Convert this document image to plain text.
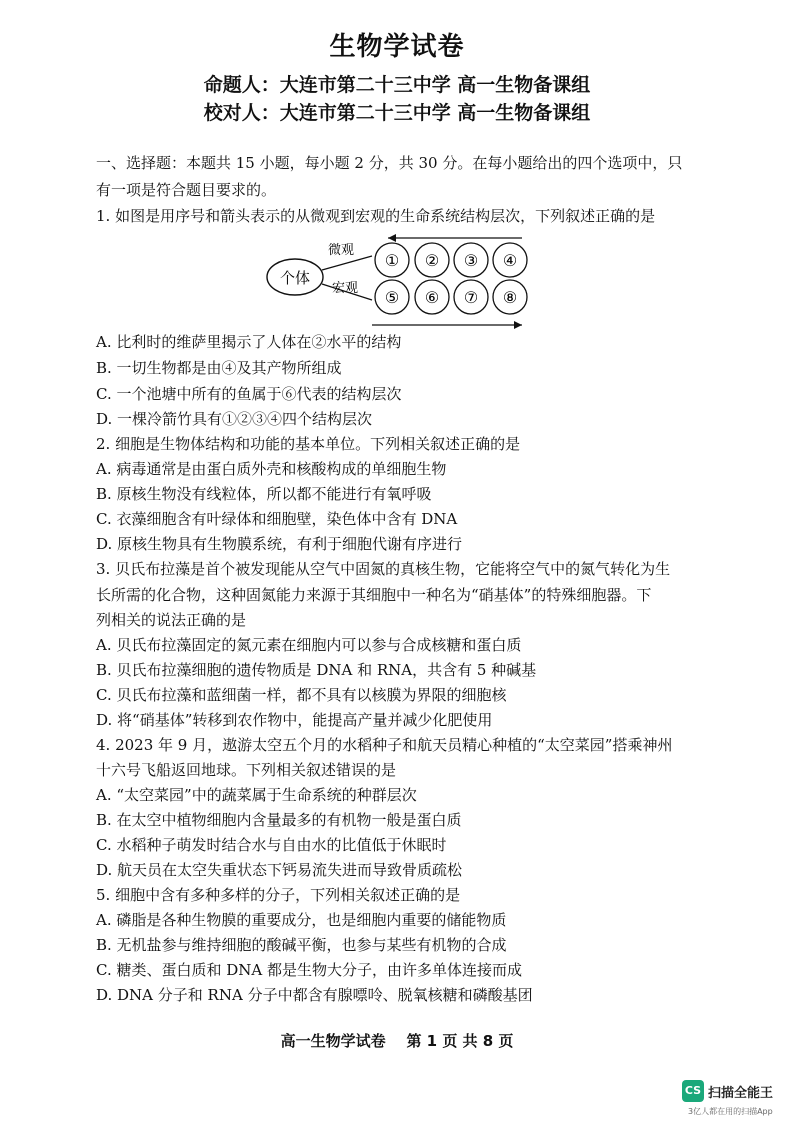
生物学试卷
命题人：大连市第二十三中学 高一生物备课组
校对人：大连市第二十三中学 高一生物备课组
一、选择题：本题共 15 小题，每小题 2 分，共 30 分。在每小题给出的四个选项中，只
有一项是符合题目要求的。
1. 如图是用序号和箭头表示的从微观到宏观的生命系统结构层次，下列叙述正确的是
个体
微观
宏观
① ② ③ ④
⑤ ⑥ ⑦ ⑧
A. 比利时的维萨里揭示了人体在②水平的结构
B. 一切生物都是由④及其产物所组成
C. 一个池塘中所有的鱼属于⑥代表的结构层次
D. 一棵冷箭竹具有①②③④四个结构层次
2. 细胞是生物体结构和功能的基本单位。下列相关叙述正确的是
A. 病毒通常是由蛋白质外壳和核酸构成的单细胞生物
B. 原核生物没有线粒体，所以都不能进行有氧呼吸
C. 衣藻细胞含有叶绿体和细胞壁，染色体中含有 DNA
D. 原核生物具有生物膜系统，有利于细胞代谢有序进行
3. 贝氏布拉藻是首个被发现能从空气中固氮的真核生物，它能将空气中的氮气转化为生
长所需的化合物，这种固氮能力来源于其细胞中一种名为“硝基体”的特殊细胞器。下
列相关的说法正确的是
A. 贝氏布拉藻固定的氮元素在细胞内可以参与合成核糖和蛋白质
B. 贝氏布拉藻细胞的遗传物质是 DNA 和 RNA，共含有 5 种碱基
C. 贝氏布拉藻和蓝细菌一样，都不具有以核膜为界限的细胞核
D. 将“硝基体”转移到农作物中，能提高产量并减少化肥使用
4. 2023 年 9 月，遨游太空五个月的水稻种子和航天员精心种植的“太空菜园”搭乘神州
十六号飞船返回地球。下列相关叙述错误的是
A. “太空菜园”中的蔬菜属于生命系统的种群层次
B. 在太空中植物细胞内含量最多的有机物一般是蛋白质
C. 水稻种子萌发时结合水与自由水的比值低于休眠时
D. 航天员在太空失重状态下钙易流失进而导致骨质疏松
5. 细胞中含有多种多样的分子，下列相关叙述正确的是
A. 磷脂是各种生物膜的重要成分，也是细胞内重要的储能物质
B. 无机盐参与维持细胞的酸碱平衡，也参与某些有机物的合成
C. 糖类、蛋白质和 DNA 都是生物大分子，由许多单体连接而成
D. DNA 分子和 RNA 分子中都含有腺嘌呤、脱氧核糖和磷酸基团
高一生物学试卷    第 1 页 共 8 页
CS 扫描全能王
3亿人都在用的扫描App
